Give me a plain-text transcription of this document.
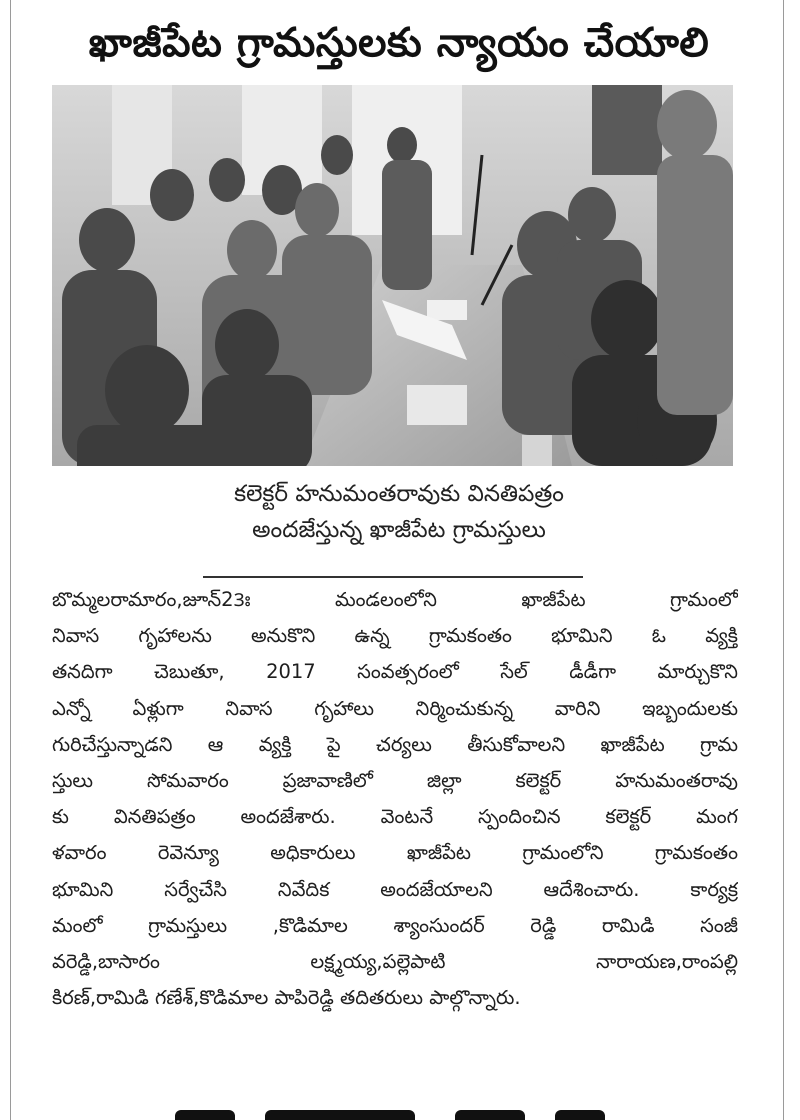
ఖాజీపేట గ్రామస్తులకు న్యాయం చేయాలి
కలెక్టర్ హనుమంతరావుకు వినతిపత్రం
అందజేస్తున్న ఖాజీపేట గ్రామస్తులు
బొమ్మలరామారం,జూన్23ః మండలంలోని ఖాజీపేట గ్రామంలో
నివాస గృహాలను అనుకొని ఉన్న గ్రామకంతం భూమిని ఓ వ్యక్తి
తనదిగా చెబుతూ, 2017 సంవత్సరంలో సేల్ డీడీగా మార్చుకొని
ఎన్నో ఏళ్లుగా నివాస గృహాలు నిర్మించుకున్న వారిని ఇబ్బందులకు
గురిచేస్తున్నాడని ఆ వ్యక్తి పై చర్యలు తీసుకోవాలని ఖాజీపేట గ్రామ
స్తులు సోమవారం ప్రజావాణిలో జిల్లా కలెక్టర్ హనుమంతరావు
కు వినతిపత్రం అందజేశారు. వెంటనే స్పందించిన కలెక్టర్ మంగ
ళవారం రెవెన్యూ అధికారులు ఖాజీపేట గ్రామంలోని గ్రామకంతం
భూమిని సర్వేచేసి నివేదిక అందజేయాలని ఆదేశించారు. కార్యక్ర
మంలో గ్రామస్తులు ,కొడిమాల శ్యాంసుందర్ రెడ్డి రామిడి సంజీ
వరెడ్డి,బాసారం లక్ష్మయ్య,పల్లెపాటి నారాయణ,రాంపల్లి
కిరణ్,రామిడి గణేశ్,కొడిమాల పాపిరెడ్డి తదితరులు పాల్గొన్నారు.
